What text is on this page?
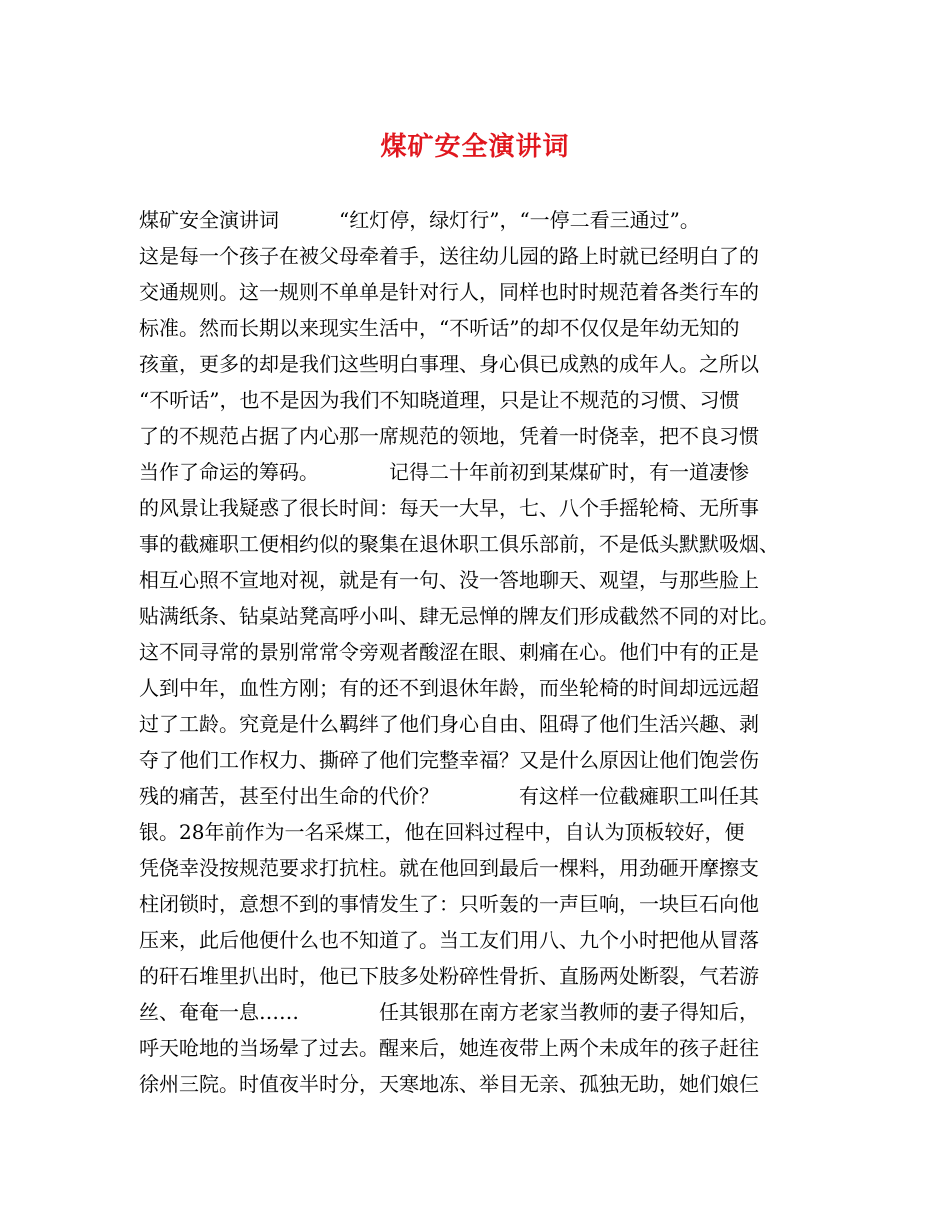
煤矿安全演讲词
煤矿安全演讲词　　　“红灯停，绿灯行”，“一停二看三通过”。
这是每一个孩子在被父母牵着手，送往幼儿园的路上时就已经明白了的
交通规则。这一规则不单单是针对行人，同样也时时规范着各类行车的
标准。然而长期以来现实生活中，“不听话”的却不仅仅是年幼无知的
孩童，更多的却是我们这些明白事理、身心俱已成熟的成年人。之所以
“不听话”，也不是因为我们不知晓道理，只是让不规范的习惯、习惯
了的不规范占据了内心那一席规范的领地，凭着一时侥幸，把不良习惯
当作了命运的筹码。　　　　记得二十年前初到某煤矿时，有一道凄惨
的风景让我疑惑了很长时间：每天一大早，七、八个手摇轮椅、无所事
事的截瘫职工便相约似的聚集在退休职工俱乐部前，不是低头默默吸烟、
相互心照不宣地对视，就是有一句、没一答地聊天、观望，与那些脸上
贴满纸条、钻桌站凳高呼小叫、肆无忌惮的牌友们形成截然不同的对比。
这不同寻常的景别常常令旁观者酸涩在眼、刺痛在心。他们中有的正是
人到中年，血性方刚；有的还不到退休年龄，而坐轮椅的时间却远远超
过了工龄。究竟是什么羁绊了他们身心自由、阻碍了他们生活兴趣、剥
夺了他们工作权力、撕碎了他们完整幸福？又是什么原因让他们饱尝伤
残的痛苦，甚至付出生命的代价？　　　　有这样一位截瘫职工叫任其
银。28年前作为一名采煤工，他在回料过程中，自认为顶板较好，便
凭侥幸没按规范要求打抗柱。就在他回到最后一棵料，用劲砸开摩擦支
柱闭锁时，意想不到的事情发生了：只听轰的一声巨响，一块巨石向他
压来，此后他便什么也不知道了。当工友们用八、九个小时把他从冒落
的矸石堆里扒出时，他已下肢多处粉碎性骨折、直肠两处断裂，气若游
丝、奄奄一息……　　　　任其银那在南方老家当教师的妻子得知后，
呼天呛地的当场晕了过去。醒来后，她连夜带上两个未成年的孩子赶往
徐州三院。时值夜半时分，天寒地冻、举目无亲、孤独无助，她们娘仨
